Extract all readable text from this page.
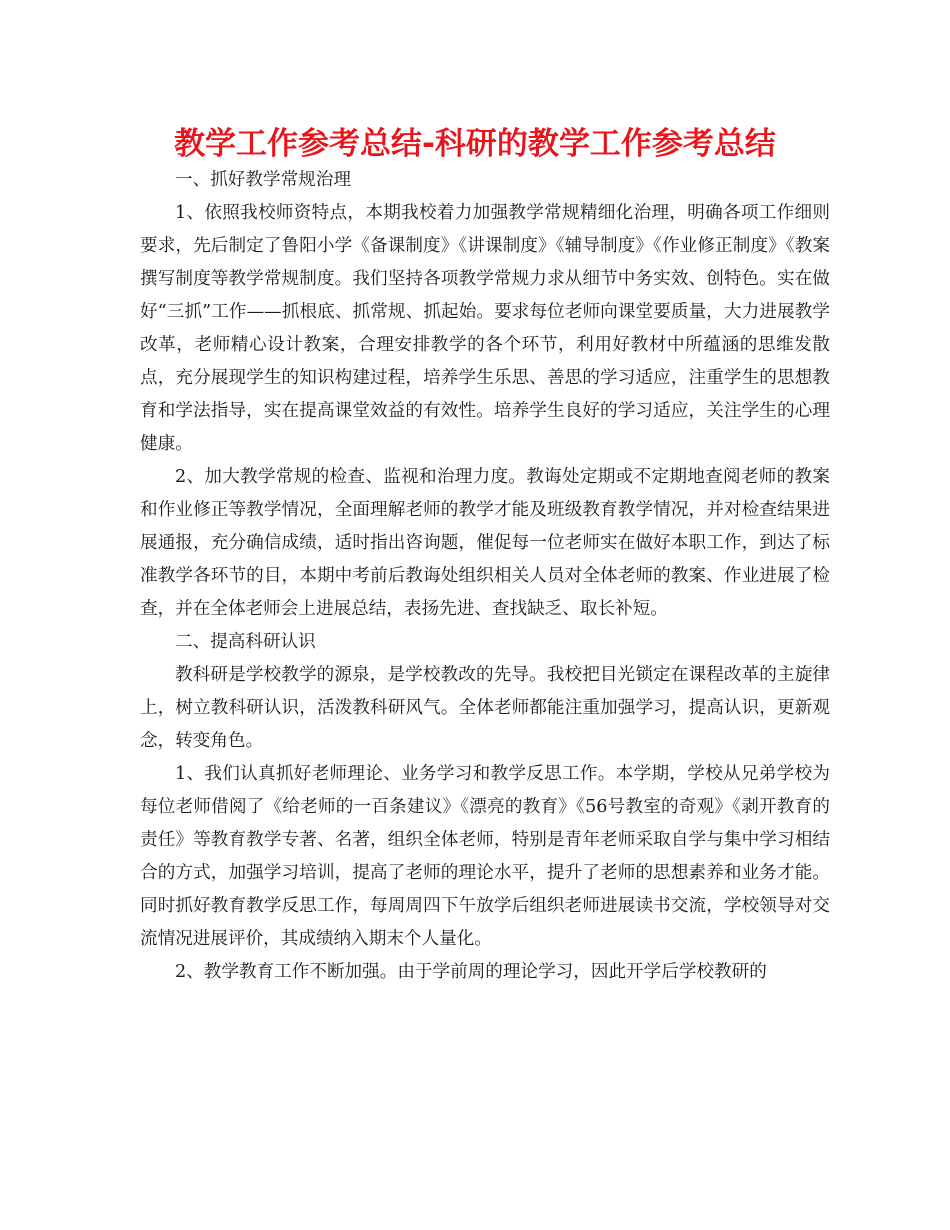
教学工作参考总结-科研的教学工作参考总结

一、抓好教学常规治理

1、依照我校师资特点，本期我校着力加强教学常规精细化治理，明确各项工作细则要求，先后制定了鲁阳小学《备课制度》《讲课制度》《辅导制度》《作业修正制度》《教案撰写制度等教学常规制度。我们坚持各项教学常规力求从细节中务实效、创特色。实在做好“三抓”工作——抓根底、抓常规、抓起始。要求每位老师向课堂要质量，大力进展教学改革，老师精心设计教案，合理安排教学的各个环节，利用好教材中所蕴涵的思维发散点，充分展现学生的知识构建过程，培养学生乐思、善思的学习适应，注重学生的思想教育和学法指导，实在提高课堂效益的有效性。培养学生良好的学习适应，关注学生的心理健康。

2、加大教学常规的检查、监视和治理力度。教诲处定期或不定期地查阅老师的教案和作业修正等教学情况，全面理解老师的教学才能及班级教育教学情况，并对检查结果进展通报，充分确信成绩，适时指出咨询题，催促每一位老师实在做好本职工作，到达了标准教学各环节的目，本期中考前后教诲处组织相关人员对全体老师的教案、作业进展了检查，并在全体老师会上进展总结，表扬先进、查找缺乏、取长补短。

二、提高科研认识

教科研是学校教学的源泉，是学校教改的先导。我校把目光锁定在课程改革的主旋律上，树立教科研认识，活泼教科研风气。全体老师都能注重加强学习，提高认识，更新观念，转变角色。

1、我们认真抓好老师理论、业务学习和教学反思工作。本学期，学校从兄弟学校为每位老师借阅了《给老师的一百条建议》《漂亮的教育》《56号教室的奇观》《剥开教育的责任》等教育教学专著、名著，组织全体老师，特别是青年老师采取自学与集中学习相结合的方式，加强学习培训，提高了老师的理论水平，提升了老师的思想素养和业务才能。同时抓好教育教学反思工作，每周周四下午放学后组织老师进展读书交流，学校领导对交流情况进展评价，其成绩纳入期末个人量化。

2、教学教育工作不断加强。由于学前周的理论学习，因此开学后学校教研的
